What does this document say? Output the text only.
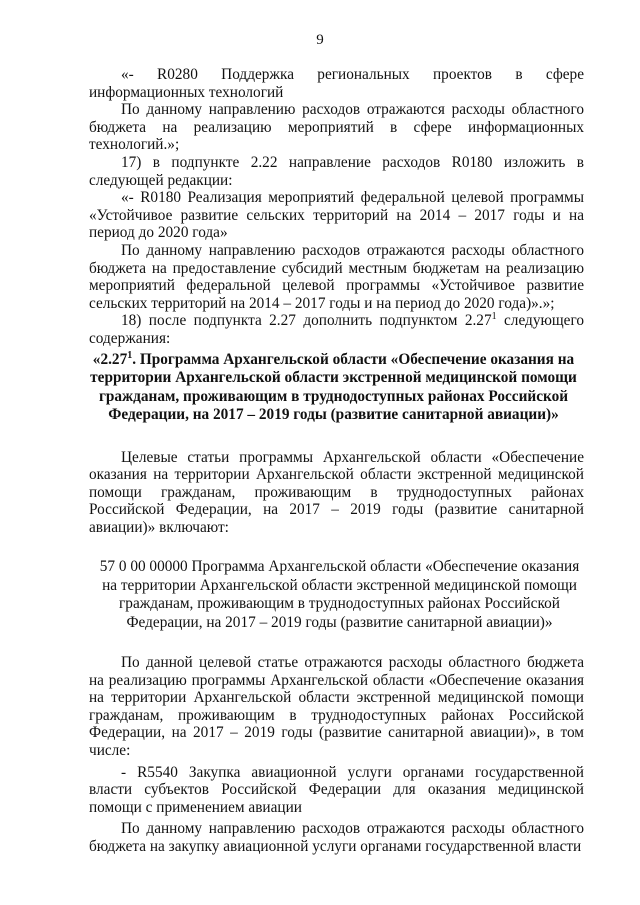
9

«- R0280 Поддержка региональных проектов в сфере информационных технологий

По данному направлению расходов отражаются расходы областного бюджета на реализацию мероприятий в сфере информационных технологий.»;

17) в подпункте 2.22 направление расходов R0180 изложить в следующей редакции:

«- R0180 Реализация мероприятий федеральной целевой программы «Устойчивое развитие сельских территорий на 2014 – 2017 годы и на период до 2020 года»

По данному направлению расходов отражаются расходы областного бюджета на предоставление субсидий местным бюджетам на реализацию мероприятий федеральной целевой программы «Устойчивое развитие сельских территорий на 2014 – 2017 годы и на период до 2020 года)».»;

18) после подпункта 2.27 дополнить подпунктом 2.27$^1$ следующего содержания:

«2.27$^1$. Программа Архангельской области «Обеспечение оказания на территории Архангельской области экстренной медицинской помощи гражданам, проживающим в труднодоступных районах Российской Федерации, на 2017 – 2019 годы (развитие санитарной авиации)»

Целевые статьи программы Архангельской области «Обеспечение оказания на территории Архангельской области экстренной медицинской помощи гражданам, проживающим в труднодоступных районах Российской Федерации, на 2017 – 2019 годы (развитие санитарной авиации)» включают:

57 0 00 00000 Программа Архангельской области «Обеспечение оказания на территории Архангельской области экстренной медицинской помощи гражданам, проживающим в труднодоступных районах Российской Федерации, на 2017 – 2019 годы (развитие санитарной авиации)»

По данной целевой статье отражаются расходы областного бюджета на реализацию программы Архангельской области «Обеспечение оказания на территории Архангельской области экстренной медицинской помощи гражданам, проживающим в труднодоступных районах Российской Федерации, на 2017 – 2019 годы (развитие санитарной авиации)», в том числе:

- R5540 Закупка авиационной услуги органами государственной власти субъектов Российской Федерации для оказания медицинской помощи с применением авиации

По данному направлению расходов отражаются расходы областного бюджета на закупку авиационной услуги органами государственной власти
